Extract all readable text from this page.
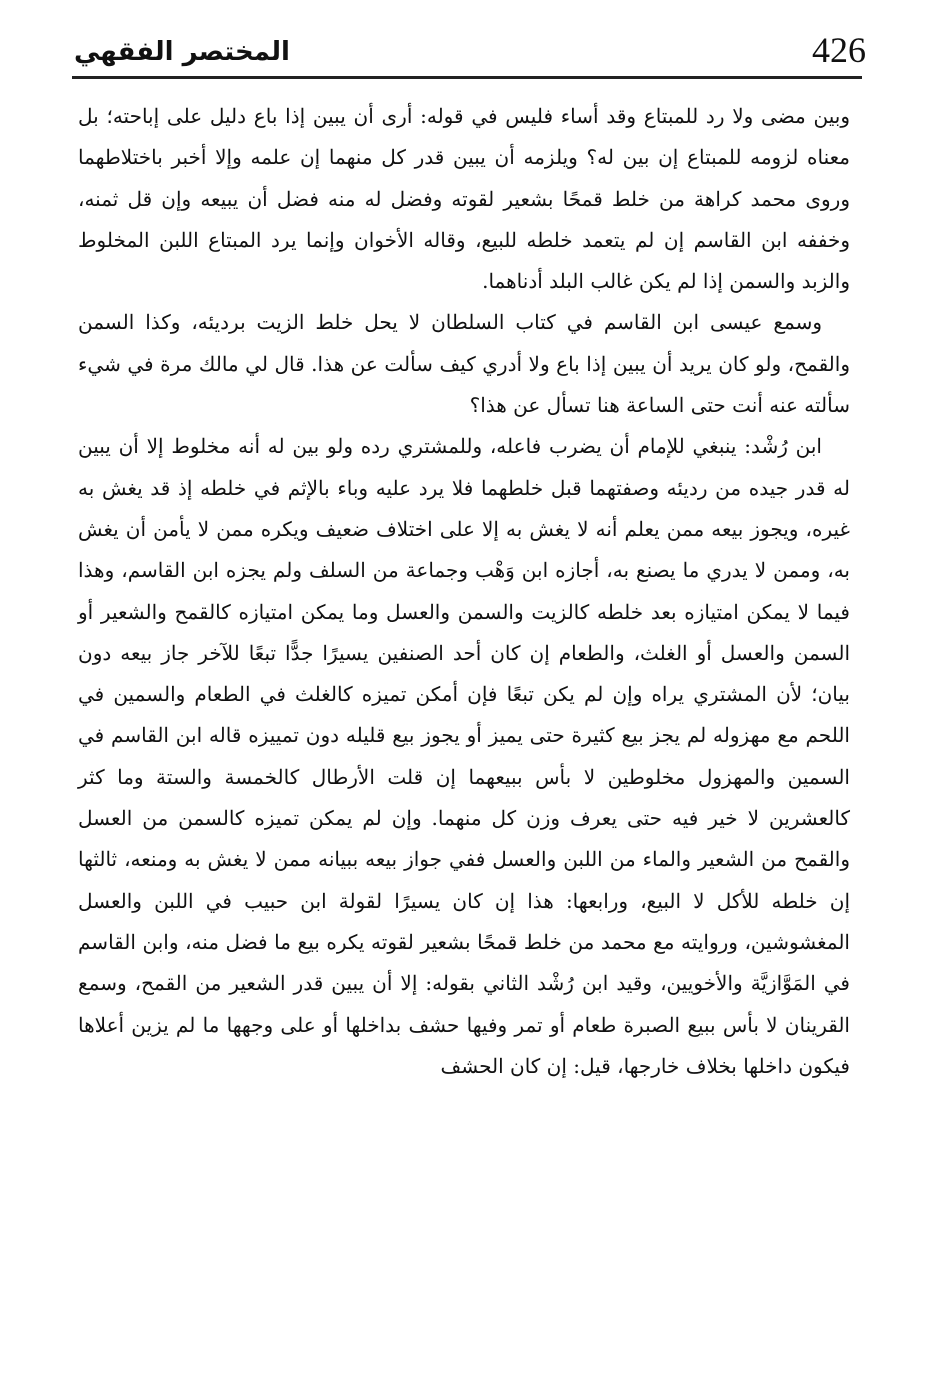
426
المختصر الفقهي

وبين مضى ولا رد للمبتاع وقد أساء فليس في قوله: أرى أن يبين إذا باع دليل على إباحته؛ بل معناه لزومه للمبتاع إن بين له؟ ويلزمه أن يبين قدر كل منهما إن علمه وإلا أخبر باختلاطهما وروى محمد كراهة من خلط قمحًا بشعير لقوته وفضل له منه فضل أن يبيعه وإن قل ثمنه، وخففه ابن القاسم إن لم يتعمد خلطه للبيع، وقاله الأخوان وإنما يرد المبتاع اللبن المخلوط والزبد والسمن إذا لم يكن غالب البلد أدناهما.

وسمع عيسى ابن القاسم في كتاب السلطان لا يحل خلط الزيت برديئه، وكذا السمن والقمح، ولو كان يريد أن يبين إذا باع ولا أدري كيف سألت عن هذا. قال لي مالك مرة في شيء سألته عنه أنت حتى الساعة هنا تسأل عن هذا؟

ابن رُشْد: ينبغي للإمام أن يضرب فاعله، وللمشتري رده ولو بين له أنه مخلوط إلا أن يبين له قدر جيده من رديئه وصفتهما قبل خلطهما فلا يرد عليه وباء بالإثم في خلطه إذ قد يغش به غيره، ويجوز بيعه ممن يعلم أنه لا يغش به إلا على اختلاف ضعيف ويكره ممن لا يأمن أن يغش به، وممن لا يدري ما يصنع به، أجازه ابن وَهْب وجماعة من السلف ولم يجزه ابن القاسم، وهذا فيما لا يمكن امتيازه بعد خلطه كالزيت والسمن والعسل وما يمكن امتيازه كالقمح والشعير أو السمن والعسل أو الغلث، والطعام إن كان أحد الصنفين يسيرًا جدًّا تبعًا للآخر جاز بيعه دون بيان؛ لأن المشتري يراه وإن لم يكن تبعًا فإن أمكن تميزه كالغلث في الطعام والسمين في اللحم مع مهزوله لم يجز بيع كثيرة حتى يميز أو يجوز بيع قليله دون تمييزه قاله ابن القاسم في السمين والمهزول مخلوطين لا بأس ببيعهما إن قلت الأرطال كالخمسة والستة وما كثر كالعشرين لا خير فيه حتى يعرف وزن كل منهما. وإن لم يمكن تميزه كالسمن من العسل والقمح من الشعير والماء من اللبن والعسل ففي جواز بيعه ببيانه ممن لا يغش به ومنعه، ثالثها إن خلطه للأكل لا البيع، ورابعها: هذا إن كان يسيرًا لقولة ابن حبيب في اللبن والعسل المغشوشين، وروايته مع محمد من خلط قمحًا بشعير لقوته يكره بيع ما فضل منه، وابن القاسم في المَوَّازيَّة والأخويين، وقيد ابن رُشْد الثاني بقوله: إلا أن يبين قدر الشعير من القمح، وسمع القرينان لا بأس ببيع الصبرة طعام أو تمر وفيها حشف بداخلها أو على وجهها ما لم يزين أعلاها فيكون داخلها بخلاف خارجها، قيل: إن كان الحشف
